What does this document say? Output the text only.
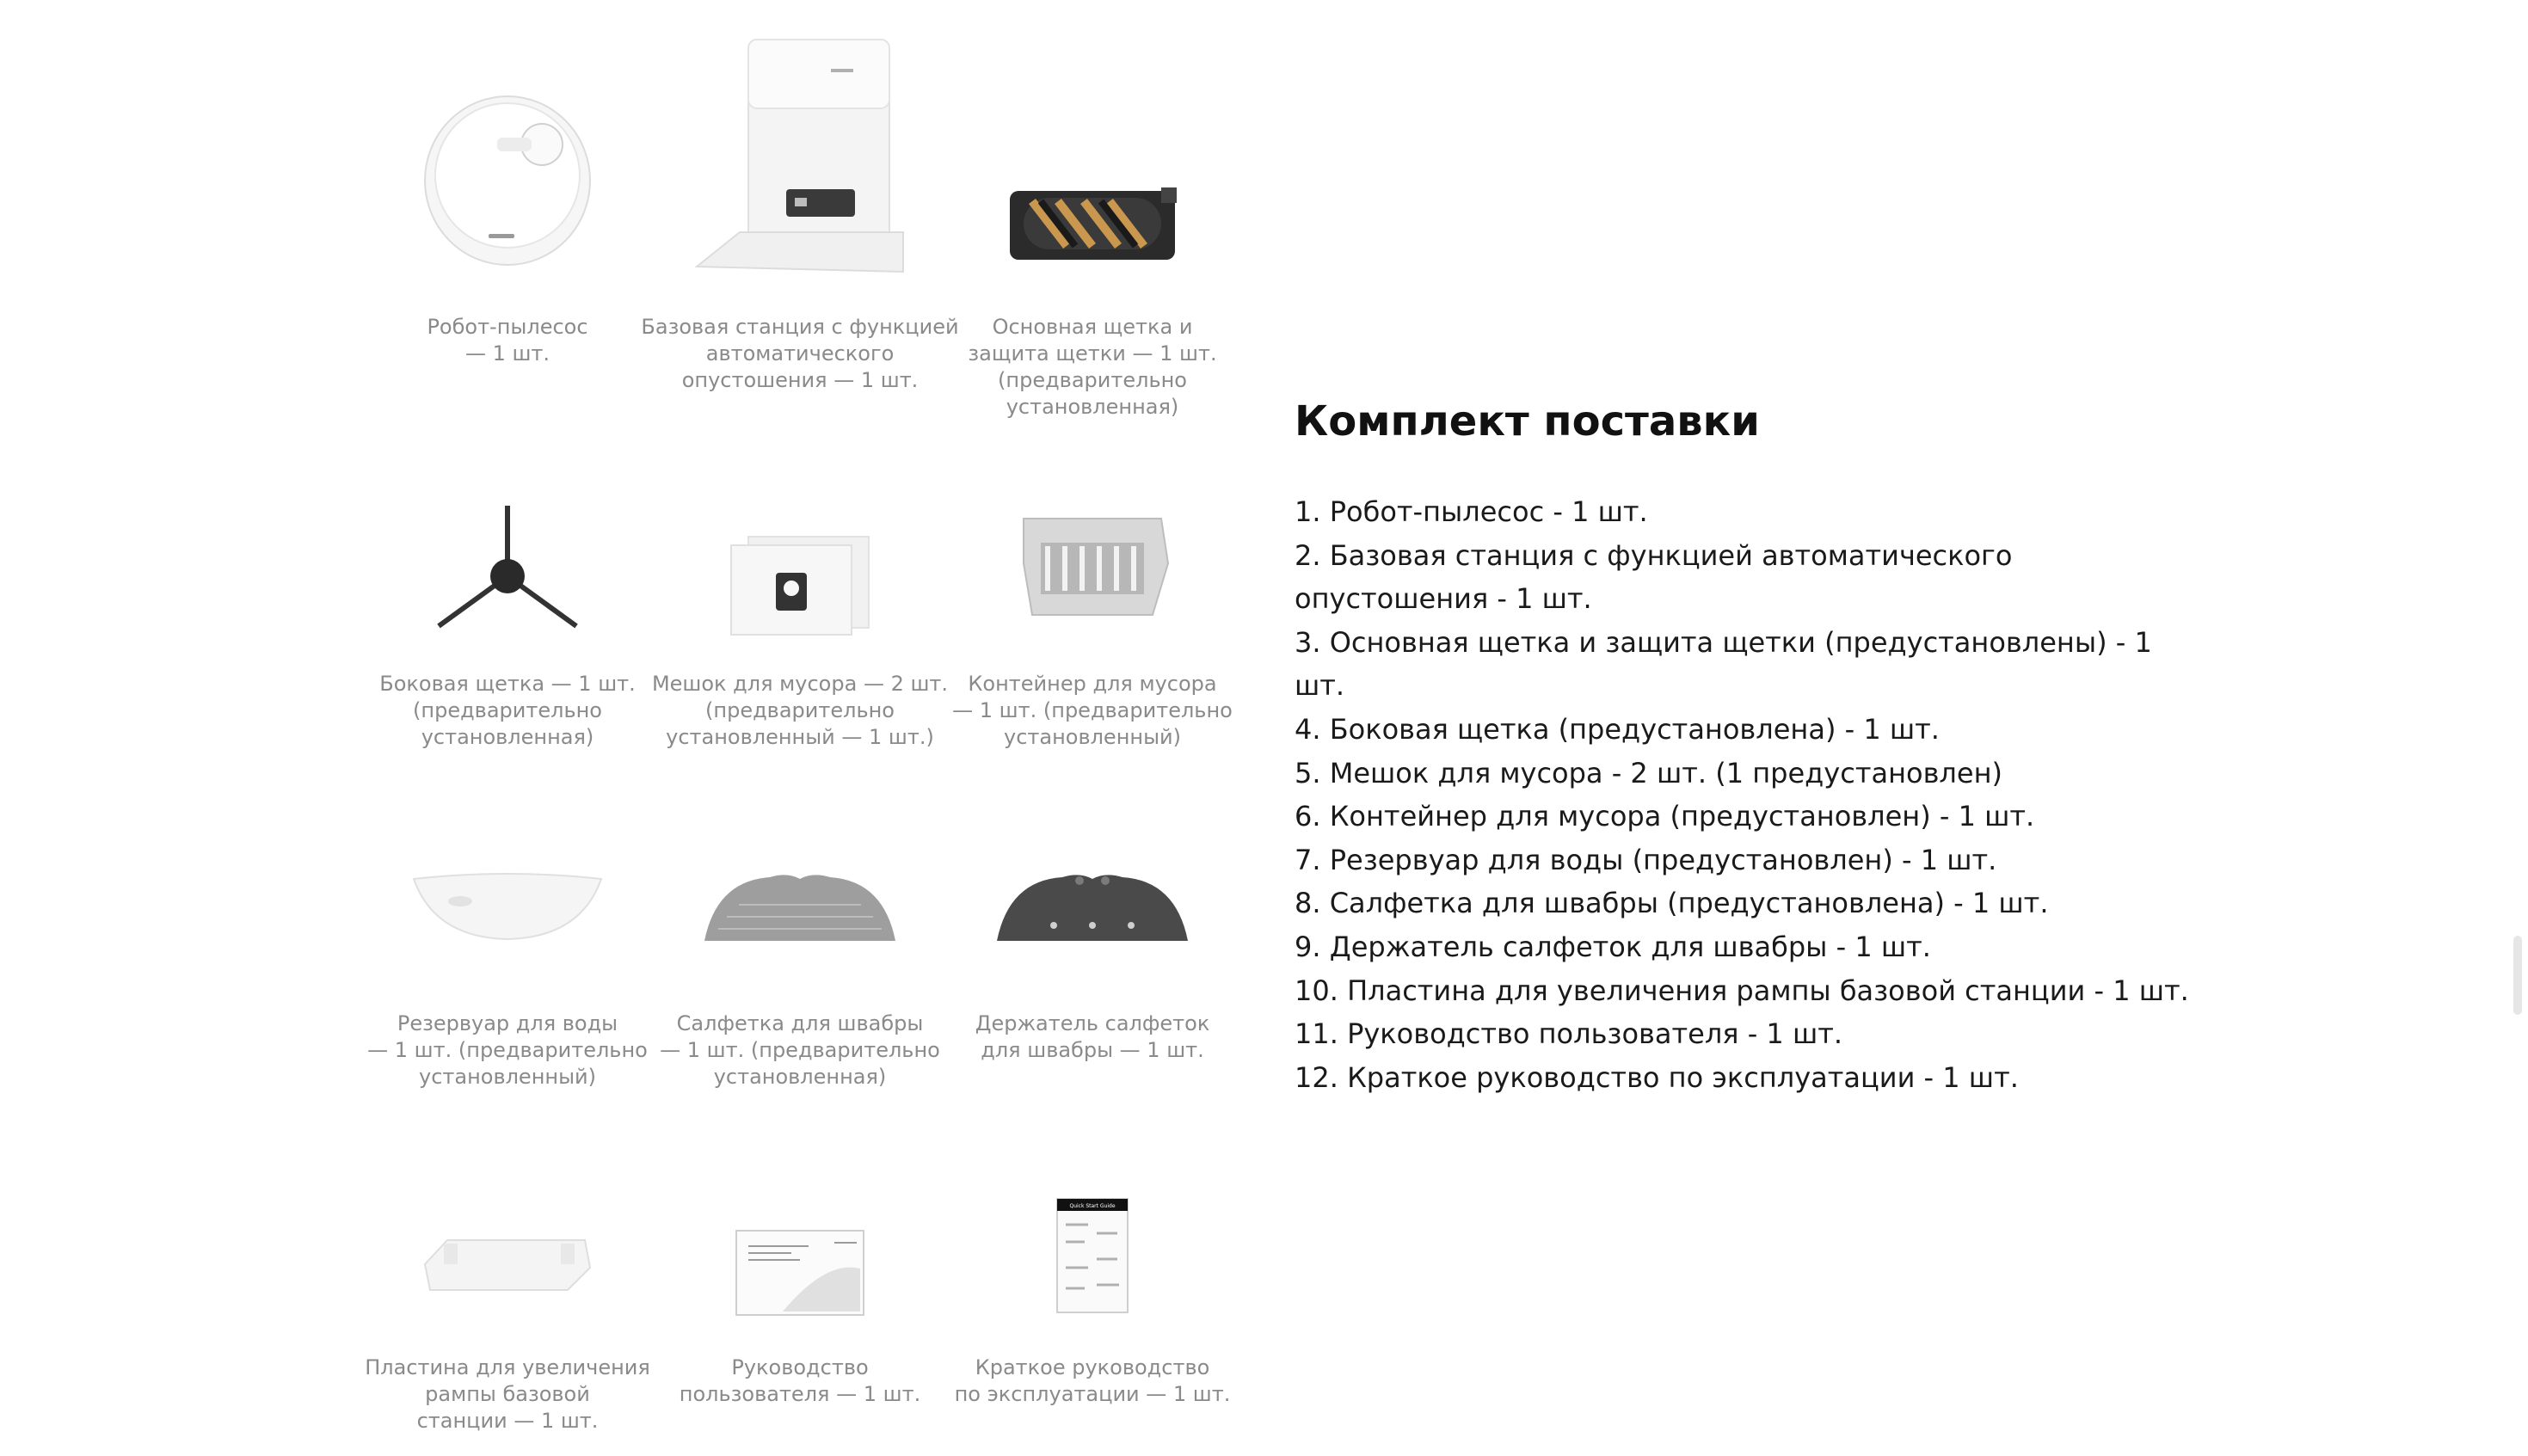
Робот-пылесос
— 1 шт.
Базовая станция с функцией
автоматического
опустошения — 1 шт.
Основная щетка и
защита щетки — 1 шт.
(предварительно
установленная)
Боковая щетка — 1 шт.
(предварительно
установленная)
Мешок для мусора — 2 шт.
(предварительно
установленный — 1 шт.)
Контейнер для мусора
— 1 шт. (предварительно
установленный)
Резервуар для воды
— 1 шт. (предварительно
установленный)
Салфетка для швабры
— 1 шт. (предварительно
установленная)
Держатель салфеток
для швабры — 1 шт.
Пластина для увеличения
рампы базовой
станции — 1 шт.
Руководство
пользователя — 1 шт.
Quick Start Guide
Краткое руководство
по эксплуатации — 1 шт.
Комплект поставки
1. Робот-пылесос - 1 шт.
2. Базовая станция с функцией автоматического опустошения - 1 шт.
3. Основная щетка и защита щетки (предустановлены) - 1 шт.
4. Боковая щетка (предустановлена) - 1 шт.
5. Мешок для мусора - 2 шт. (1 предустановлен)
6. Контейнер для мусора (предустановлен) - 1 шт.
7. Резервуар для воды (предустановлен) - 1 шт.
8. Салфетка для швабры (предустановлена) - 1 шт.
9. Держатель салфеток для швабры - 1 шт.
10. Пластина для увеличения рампы базовой станции - 1 шт.
11. Руководство пользователя - 1 шт.
12. Краткое руководство по эксплуатации - 1 шт.
